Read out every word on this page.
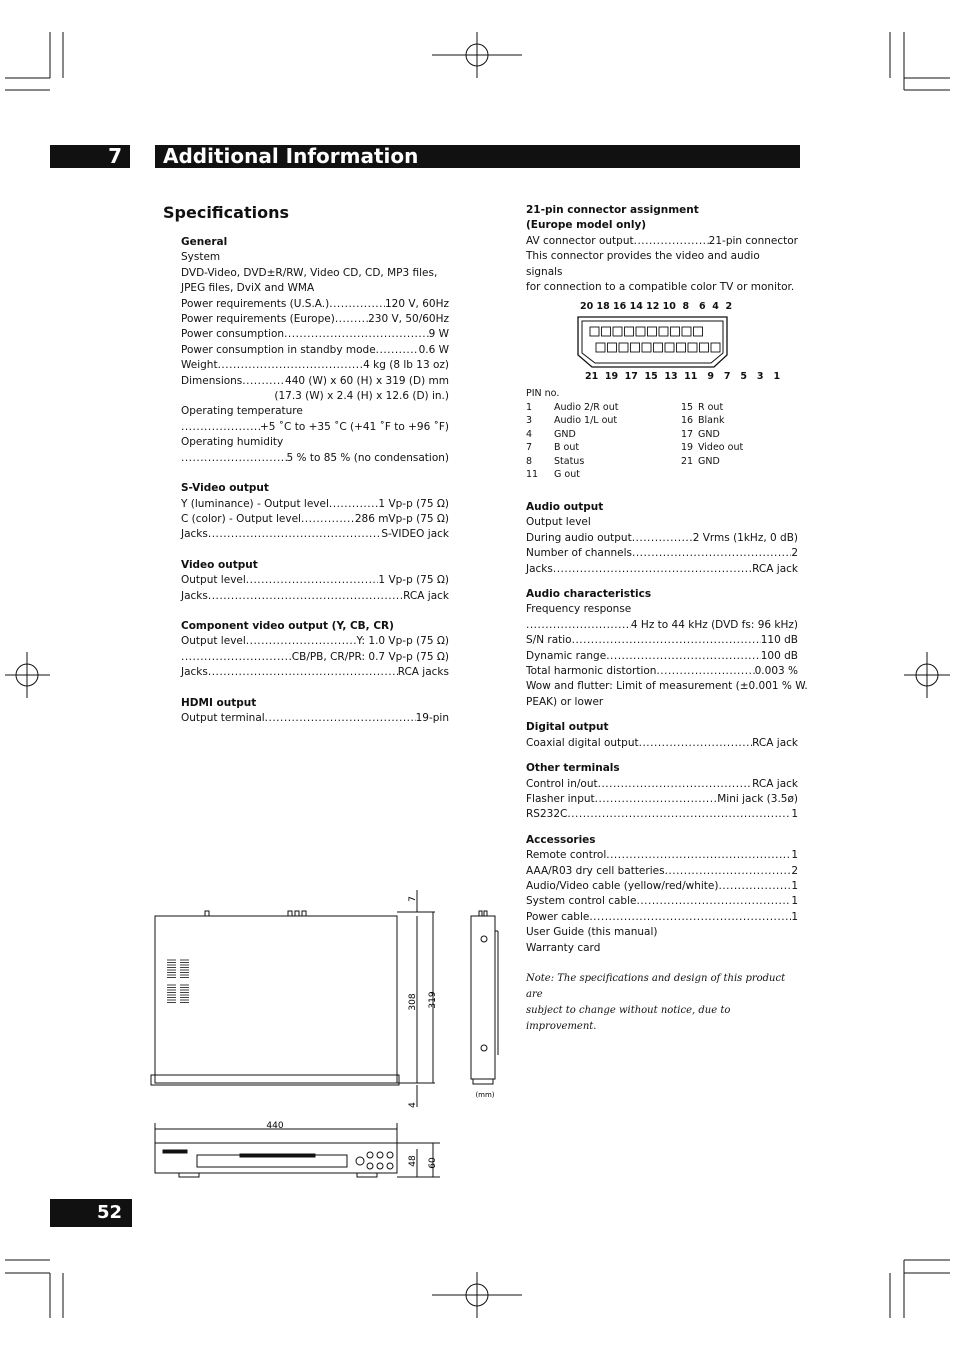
7	Additional Information
Specifications
General
System
DVD-Video, DVD±R/RW, Video CD, CD, MP3 files,
JPEG files, DviX and WMA
Power requirements (U.S.A.) .....	120 V, 60Hz
Power requirements (Europe) .....	230 V, 50/60Hz
Power consumption .....	9 W
Power consumption in standby mode .....	0.6 W
Weight .....	4 kg (8 lb 13 oz)
Dimensions .....	440 (W) x 60 (H) x 319 (D) mm
(17.3 (W) x 2.4 (H) x 12.6 (D) in.)
Operating temperature
.....
+5 ˚C to +35 ˚C (+41 ˚F to +96 ˚F)
Operating humidity
.....
5 % to 85 % (no condensation)
S-Video output
Y (luminance) - Output level .....	1 Vp-p (75 Ω)
C (color) - Output level .....	286 mVp-p (75 Ω)
Jacks .....	S-VIDEO jack
Video output
Output level .....	1 Vp-p (75 Ω)
Jacks .....	RCA jack
Component video output (Y, CB, CR)
Output level .....	Y: 1.0 Vp-p (75 Ω)
.....
CB/PB, CR/PR: 0.7 Vp-p (75 Ω)
Jacks .....	RCA jacks
HDMI output
Output terminal .....	19-pin
21-pin connector assignment
(Europe model only)
AV connector output .....	21-pin connector
This connector provides the video and audio signals
for connection to a compatible color TV or monitor.
20 18 16 14 12 10  8   6  4  2
21  19  17  15  13  11   9   7   5   3   1
PIN no.
1 Audio 2/R out
3 Audio 1/L out
4 GND
7 B out
8 Status
11 G out
15 R out
16 Blank
17 GND
19 Video out
21 GND
Audio output
Output level
During audio output .....	2 Vrms (1kHz, 0 dB)
Number of channels .....	2
Jacks .....	RCA jack
Audio characteristics
Frequency response
.....
4 Hz to 44 kHz (DVD fs: 96 kHz)
S/N ratio .....	110 dB
Dynamic range .....	100 dB
Total harmonic distortion .....	0.003 %
Wow and flutter: Limit of measurement (±0.001 % W.
PEAK) or lower
Digital output
Coaxial digital output .....	RCA jack
Other terminals
Control in/out .....	RCA jack
Flasher input .....	Mini jack (3.5ø)
RS232C .....	1
Accessories
Remote control .....	1
AAA/R03 dry cell batteries .....	2
Audio/Video cable (yellow/red/white) .....	1
System control cable .....	1
Power cable .....	1
User Guide (this manual)
Warranty card
Note: The specifications and design of this product are
subject to change without notice, due to improvement.
7
308 319
4
(mm)
440
48 60
52
